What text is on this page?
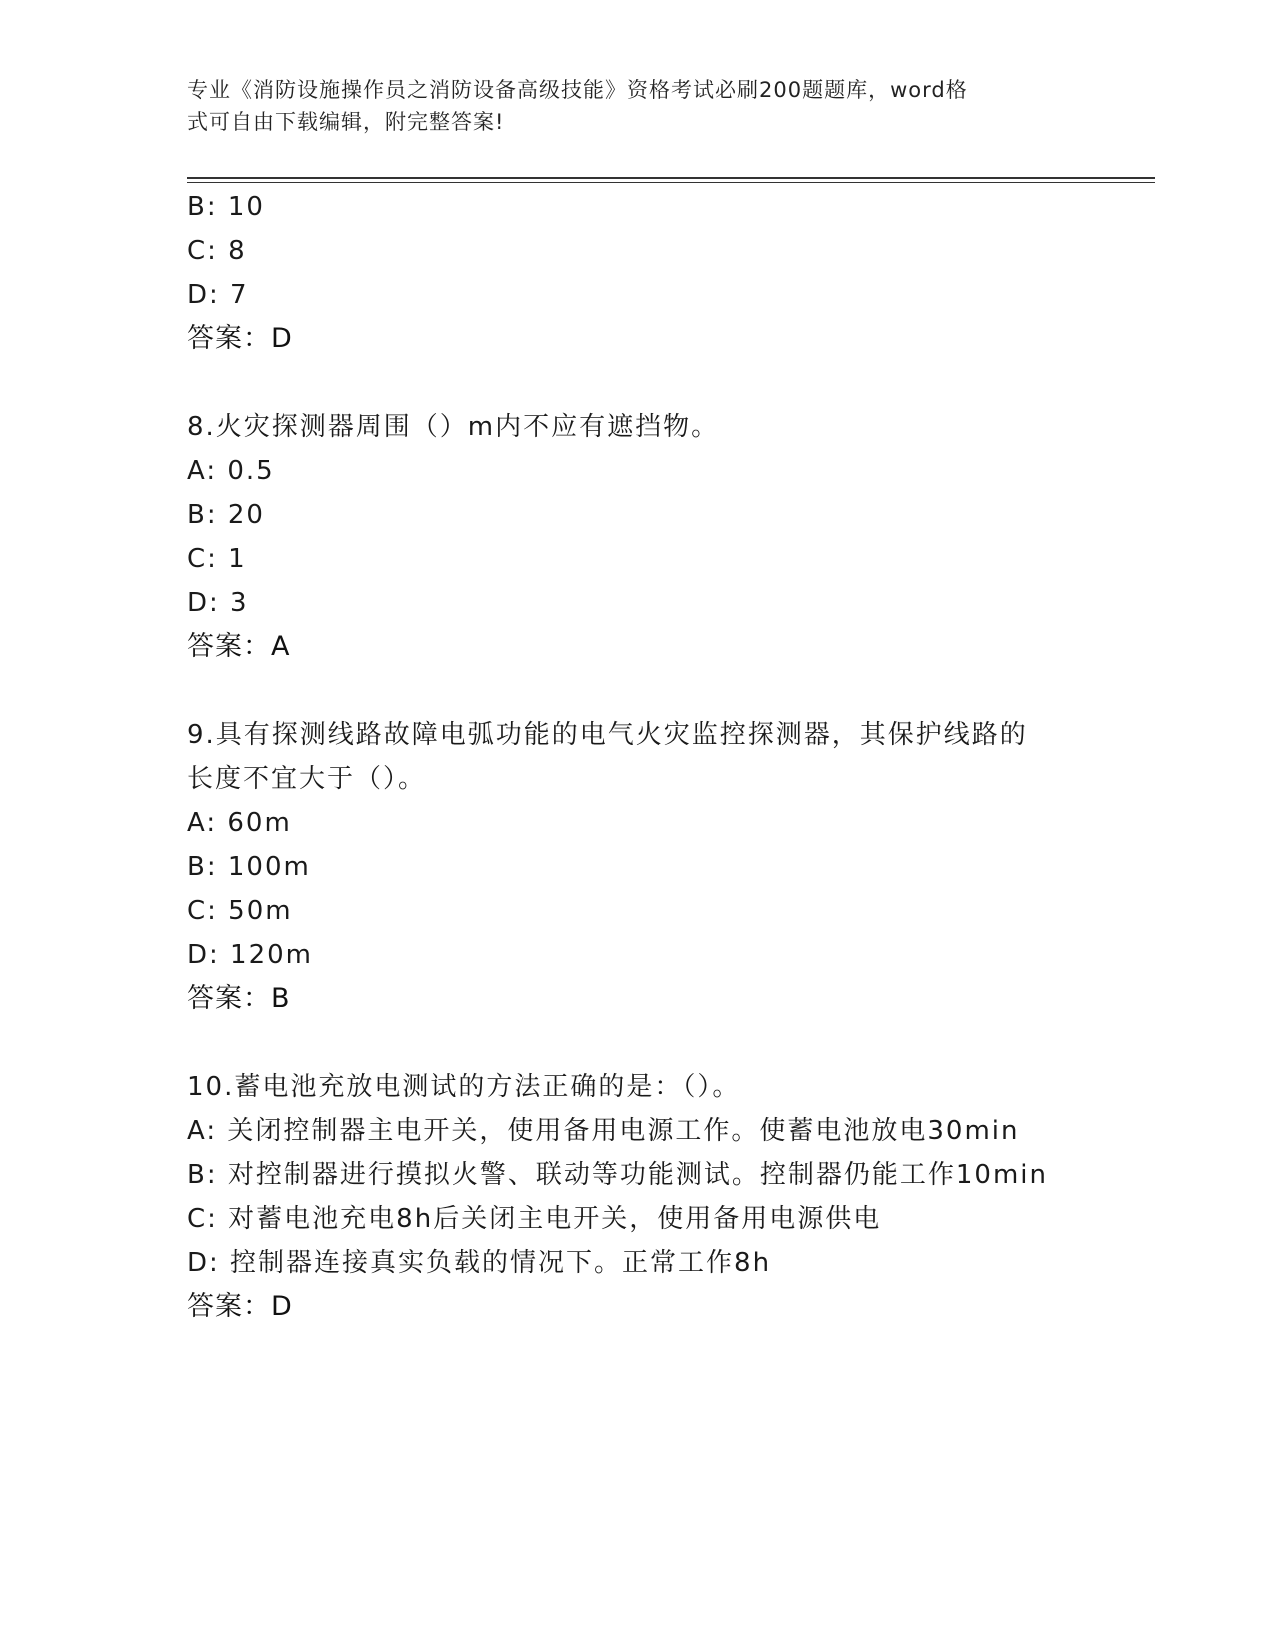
专业《消防设施操作员之消防设备高级技能》资格考试必刷200题题库，word格
式可自由下载编辑，附完整答案!
B: 10
C: 8
D: 7
答案：D
8.火灾探测器周围（）m内不应有遮挡物。
A: 0.5
B: 20
C: 1
D: 3
答案：A
9.具有探测线路故障电弧功能的电气火灾监控探测器，其保护线路的
长度不宜大于（）。
A: 60m
B: 100m
C: 50m
D: 120m
答案：B
10.蓄电池充放电测试的方法正确的是：（）。
A: 关闭控制器主电开关，使用备用电源工作。使蓄电池放电30min
B: 对控制器进行摸拟火警、联动等功能测试。控制器仍能工作10min
C: 对蓄电池充电8h后关闭主电开关，使用备用电源供电
D: 控制器连接真实负载的情况下。正常工作8h
答案：D
